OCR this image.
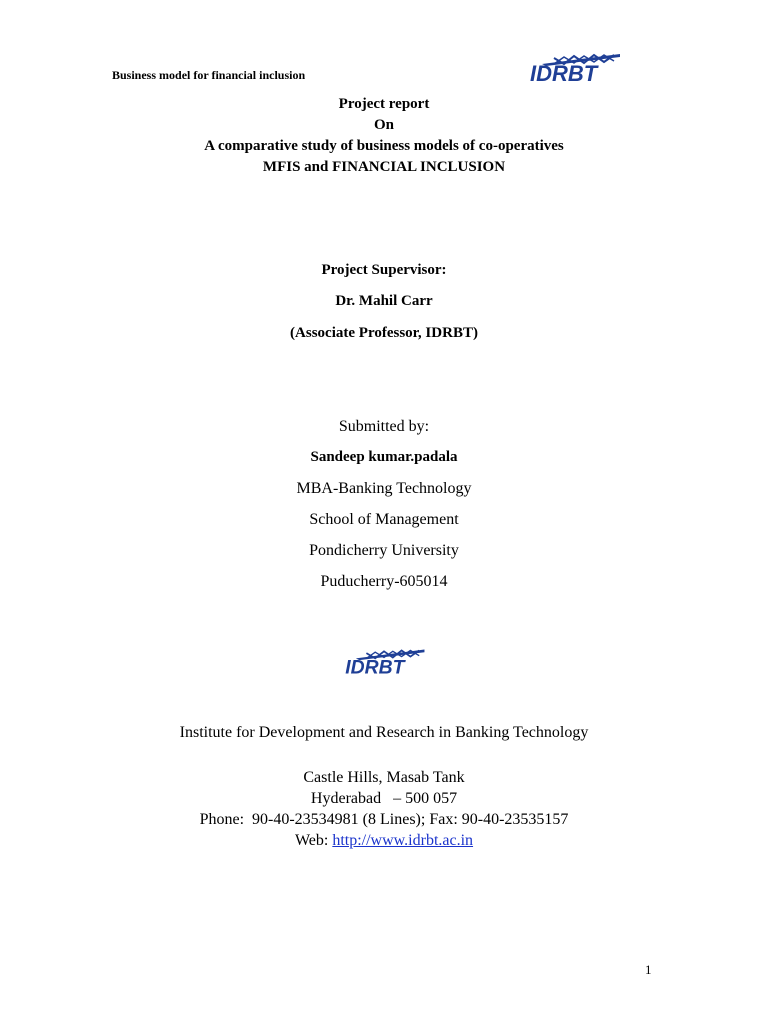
Business model for financial inclusion	IDRBT
Project report
On
A comparative study of business models of co-operatives
MFIS and FINANCIAL INCLUSION
Project Supervisor:
Dr. Mahil Carr
(Associate Professor, IDRBT)
Submitted by:
Sandeep kumar.padala
MBA-Banking Technology
School of Management
Pondicherry University
Puducherry-605014
IDRBT
Institute for Development and Research in Banking Technology
Castle Hills, Masab Tank
Hyderabad   – 500 057
Phone:  90-40-23534981 (8 Lines); Fax: 90-40-23535157
Web: http://www.idrbt.ac.in
1
